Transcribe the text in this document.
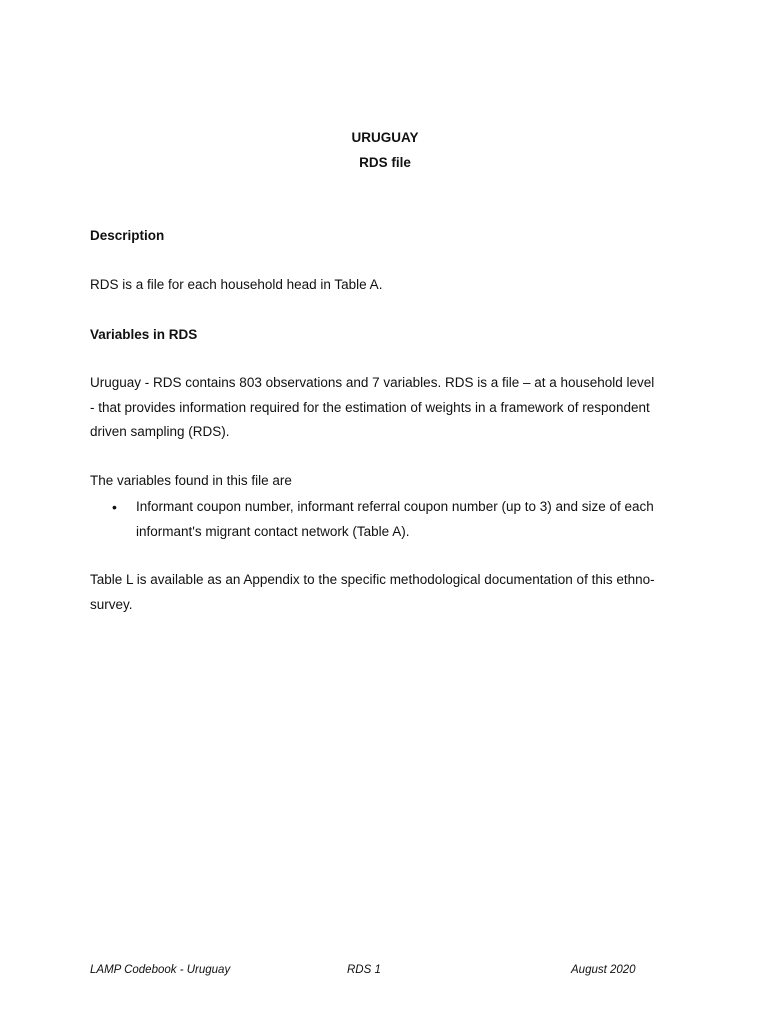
URUGUAY
RDS file
Description
RDS is a file for each household head in Table A.
Variables in RDS
Uruguay - RDS contains 803 observations and 7 variables. RDS is a file – at a household level
- that provides information required for the estimation of weights in a framework of respondent
driven sampling (RDS).
The variables found in this file are
• Informant coupon number, informant referral coupon number (up to 3) and size of each
informant's migrant contact network (Table A).
Table L is available as an Appendix to the specific methodological documentation of this ethno-
survey.
LAMP Codebook - Uruguay	RDS 1	August 2020
